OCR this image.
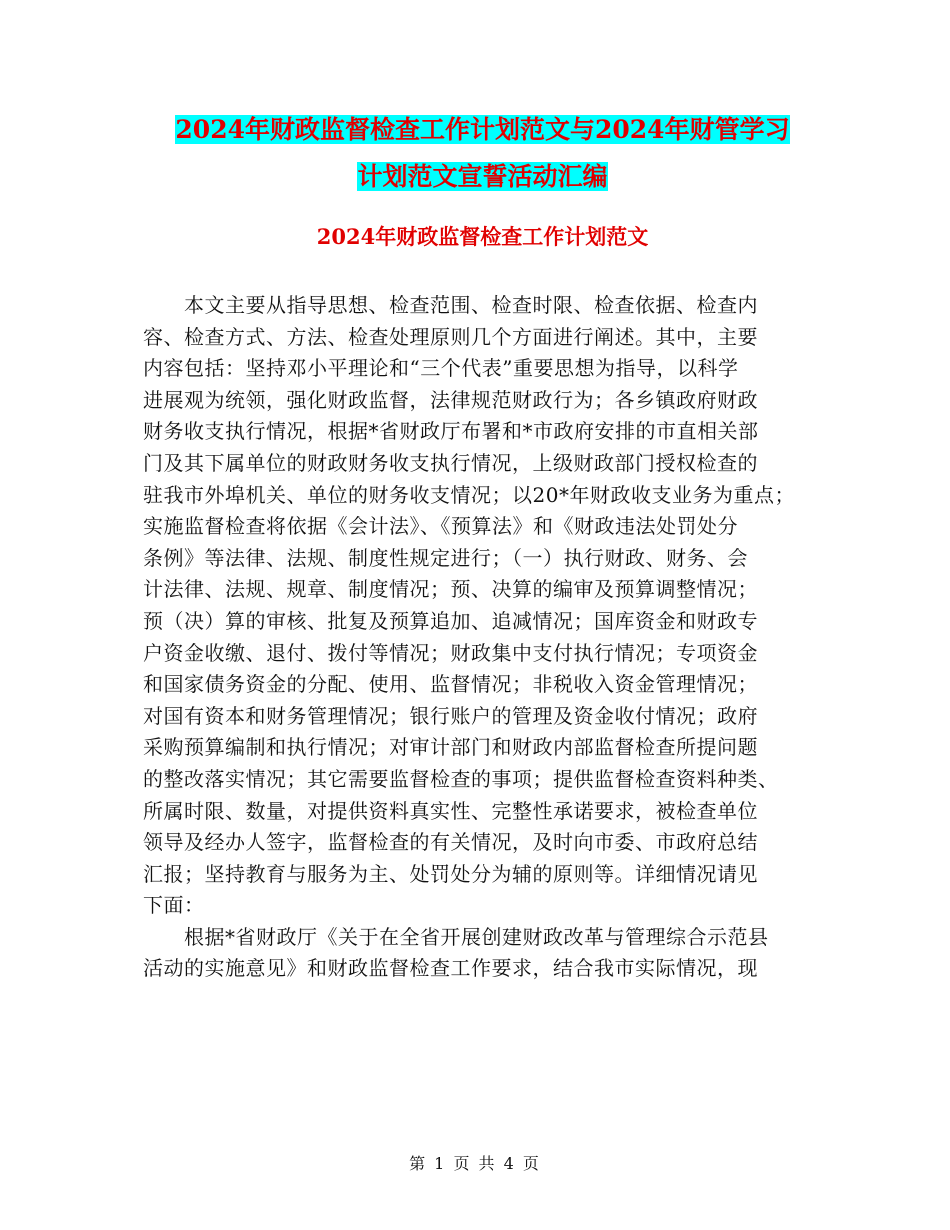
2024年财政监督检查工作计划范文与2024年财管学习
计划范文宣誓活动汇编
2024年财政监督检查工作计划范文
　　本文主要从指导思想、检查范围、检查时限、检查依据、检查内
容、检查方式、方法、检查处理原则几个方面进行阐述。其中，主要
内容包括：坚持邓小平理论和“三个代表”重要思想为指导，以科学
进展观为统领，强化财政监督，法律规范财政行为；各乡镇政府财政
财务收支执行情况，根据*省财政厅布署和*市政府安排的市直相关部
门及其下属单位的财政财务收支执行情况，上级财政部门授权检查的
驻我市外埠机关、单位的财务收支情况；以20*年财政收支业务为重点；
实施监督检查将依据《会计法》、《预算法》和《财政违法处罚处分
条例》等法律、法规、制度性规定进行；（一）执行财政、财务、会
计法律、法规、规章、制度情况；预、决算的编审及预算调整情况；
预（决）算的审核、批复及预算追加、追减情况；国库资金和财政专
户资金收缴、退付、拨付等情况；财政集中支付执行情况；专项资金
和国家债务资金的分配、使用、监督情况；非税收入资金管理情况；
对国有资本和财务管理情况；银行账户的管理及资金收付情况；政府
采购预算编制和执行情况；对审计部门和财政内部监督检查所提问题
的整改落实情况；其它需要监督检查的事项；提供监督检查资料种类、
所属时限、数量，对提供资料真实性、完整性承诺要求，被检查单位
领导及经办人签字，监督检查的有关情况，及时向市委、市政府总结
汇报；坚持教育与服务为主、处罚处分为辅的原则等。详细情况请见
下面：
　　根据*省财政厅《关于在全省开展创建财政改革与管理综合示范县
活动的实施意见》和财政监督检查工作要求，结合我市实际情况，现
第 1 页 共 4 页
